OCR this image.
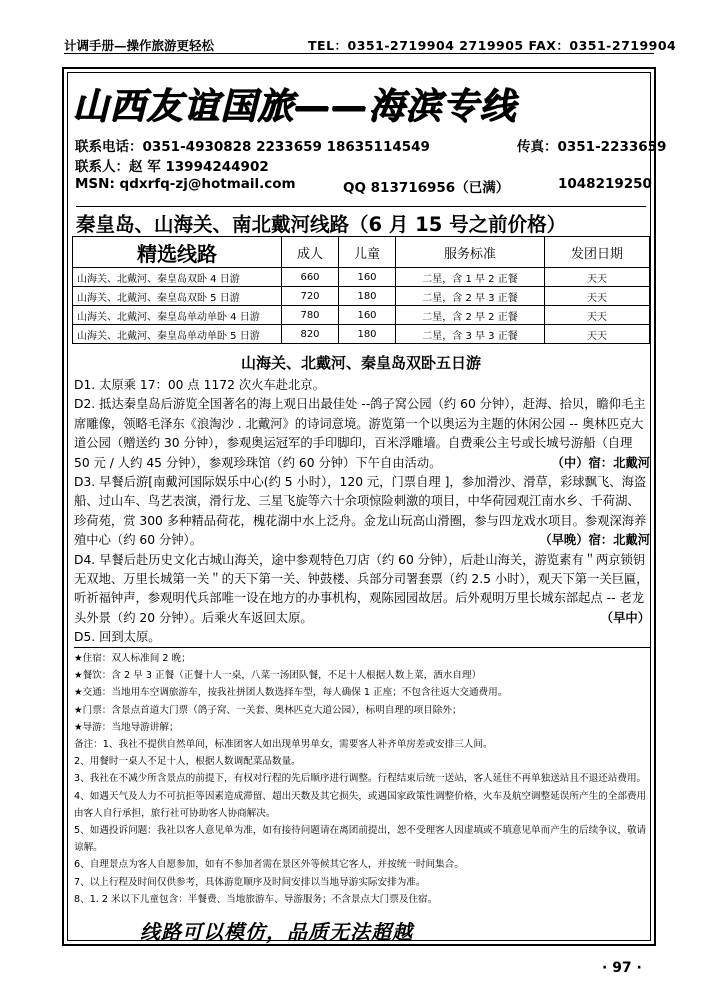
计调手册—操作旅游更轻松	TEL：0351-2719904 2719905 FAX：0351-2719904
山西友谊国旅——海滨专线
联系电话：0351-4930828 2233659 18635114549	传真：0351-2233659
联系人：赵 军 13994244902
MSN: qdxrfq-zj@hotmail.com	QQ 813716956（已满）	1048219250
秦皇岛、山海关、南北戴河线路（6 月 15 号之前价格）
精选线路	成人	儿童	服务标准	发团日期
山海关、北戴河、秦皇岛双卧 4 日游	660	160	二星，含 1 早 2 正餐	天天
山海关、北戴河、秦皇岛双卧 5 日游	720	180	二星，含 2 早 3 正餐	天天
山海关、北戴河、秦皇岛单动单卧 4 日游	780	160	二星，含 2 早 2 正餐	天天
山海关、北戴河、秦皇岛单动单卧 5 日游	820	180	二星，含 3 早 3 正餐	天天
山海关、北戴河、秦皇岛双卧五日游

D1. 太原乘 17：00 点 1172 次火车赴北京。

D2. 抵达秦皇岛后游览全国著名的海上观日出最佳处 --鸽子窝公园（约 60 分钟），赶海、拾贝，瞻仰毛主席雕像，领略毛泽东《浪淘沙 . 北戴河》的诗词意境。游览第一个以奥运为主题的休闲公园 -- 奥林匹克大道公园（赠送约 30 分钟），参观奥运冠军的手印脚印，百米浮雕墙。自费乘公主号或长城号游船（自理 50 元 / 人约 45 分钟），参观珍珠馆（约 60 分钟）下午自由活动。	（中）宿：北戴河

D3. 早餐后游[南戴河国际娱乐中心(约 5 小时），120 元，门票自理 ]，参加滑沙、滑草，彩球飘飞、海盗船、过山车、鸟艺表演，滑行龙、三星飞旋等六十余项惊险刺激的项目，中华荷园观江南水乡、千荷湖、珍荷苑，赏 300 多种精品荷花，槐花湖中水上泛舟。金龙山玩高山滑圈，参与四龙戏水项目。参观深海养殖中心（约 60 分钟）。	（早晚）宿：北戴河

D4. 早餐后赴历史文化古城山海关，途中参观特色刀店（约 60 分钟），后赴山海关，游览素有＂两京锁钥无双地、万里长城第一关＂的天下第一关、钟鼓楼、兵部分司署套票（约 2.5 小时），观天下第一关巨匾，听祈福钟声，参观明代兵部唯一设在地方的办事机构，观陈园园故居。后外观明万里长城东部起点 -- 老龙头外景（约 20 分钟）。后乘火车返回太原。	（早中）

D5. 回到太原。

★住宿：双人标准间 2 晚；

★餐饮：含 2 早 3 正餐（正餐十人一桌，八菜一汤团队餐，不足十人根据人数上菜，酒水自理）

★交通：当地用车空调旅游车，按我社拼团人数选择车型，每人确保 1 正座；不包含往返大交通费用。

★门票：含景点首道大门票（鸽子窝、一关套、奥林匹克大道公园），标明自理的项目除外；

★导游：当地导游讲解；

备注：1、我社不提供自然单间，标准团客人如出现单男单女，需要客人补齐单房差或安排三人间。

2、用餐时一桌人不足十人，根据人数调配菜品数量。

3、我社在不减少所含景点的前提下，有权对行程的先后顺序进行调整。行程结束后统一送站，客人延住不再单独送站且不退还站费用。

4、如遇天气及人力不可抗拒等因素造成滞留、超出天数及其它损失，或遇国家政策性调整价格，火车及航空调整延误所产生的全部费用由客人自行承担，旅行社可协助客人协商解决。

5、如遇投诉问题：我社以客人意见单为准，如有接待问题请在离团前提出，恕不受理客人因虚填或不填意见单而产生的后续争议，敬请谅解。

6、自理景点为客人自愿参加，如有不参加者需在景区外等候其它客人，并按统一时间集合。

7、以上行程及时间仅供参考，具体游览顺序及时间安排以当地导游实际安排为准。

8、1. 2 米以下儿童包含：半餐费、当地旅游车、导游服务；不含景点大门票及住宿。

线路可以模仿，品质无法超越
· 97 ·
